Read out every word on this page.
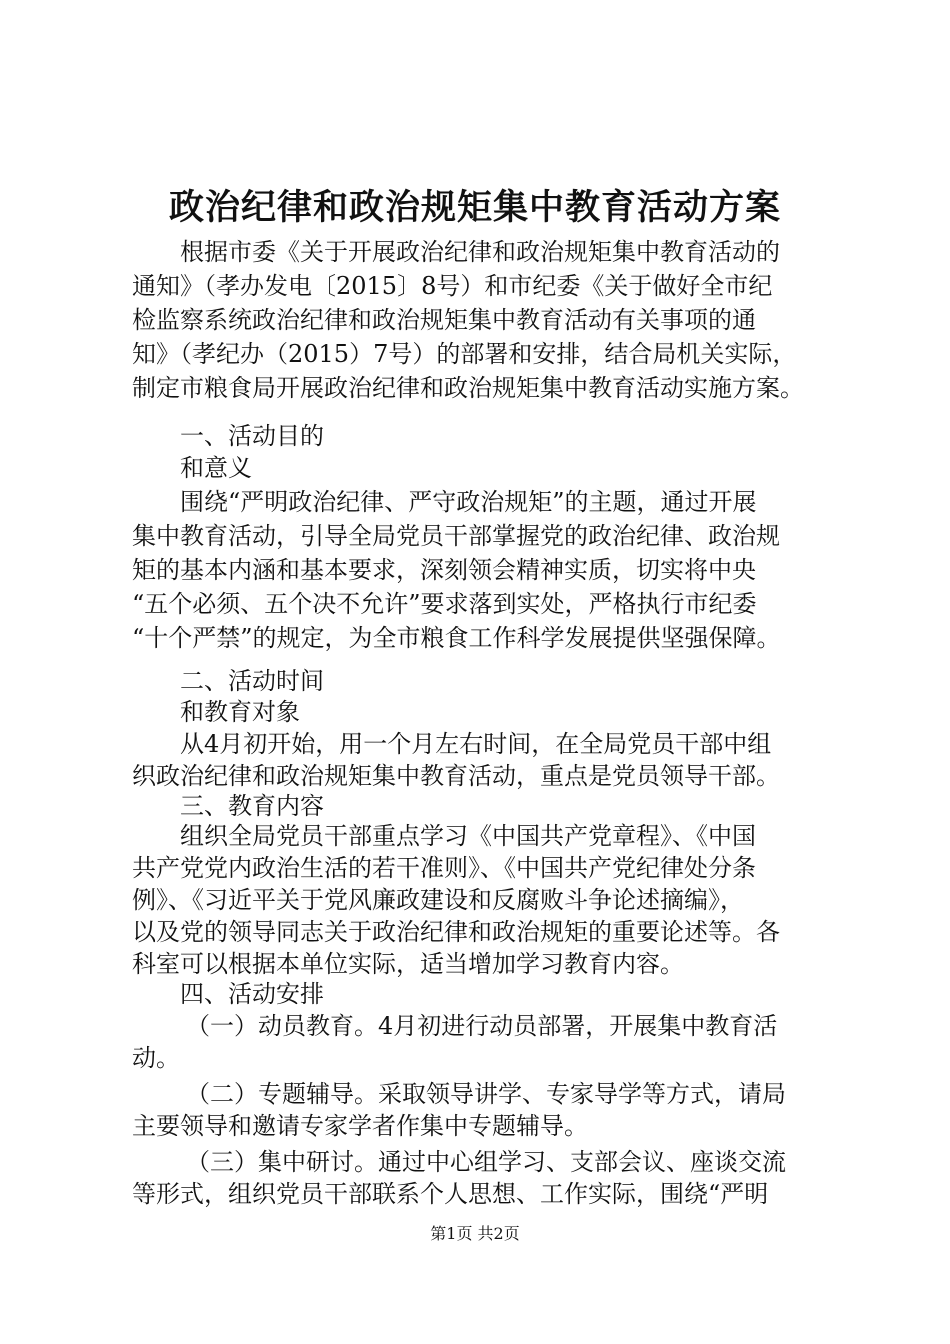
政治纪律和政治规矩集中教育活动方案
根据市委《关于开展政治纪律和政治规矩集中教育活动的
通知》（孝办发电〔2015〕8号）和市纪委《关于做好全市纪
检监察系统政治纪律和政治规矩集中教育活动有关事项的通
知》（孝纪办（2015）7号）的部署和安排，结合局机关实际，
制定市粮食局开展政治纪律和政治规矩集中教育活动实施方案。
一、活动目的
和意义
围绕“严明政治纪律、严守政治规矩”的主题，通过开展
集中教育活动，引导全局党员干部掌握党的政治纪律、政治规
矩的基本内涵和基本要求，深刻领会精神实质，切实将中央
“五个必须、五个决不允许”要求落到实处，严格执行市纪委
“十个严禁”的规定，为全市粮食工作科学发展提供坚强保障。
二、活动时间
和教育对象
从4月初开始，用一个月左右时间，在全局党员干部中组
织政治纪律和政治规矩集中教育活动，重点是党员领导干部。
三、教育内容
组织全局党员干部重点学习《中国共产党章程》、《中国
共产党党内政治生活的若干准则》、《中国共产党纪律处分条
例》、《习近平关于党风廉政建设和反腐败斗争论述摘编》，
以及党的领导同志关于政治纪律和政治规矩的重要论述等。各
科室可以根据本单位实际，适当增加学习教育内容。
四、活动安排
（一）动员教育。4月初进行动员部署，开展集中教育活
动。
（二）专题辅导。采取领导讲学、专家导学等方式，请局
主要领导和邀请专家学者作集中专题辅导。
（三）集中研讨。通过中心组学习、支部会议、座谈交流
等形式，组织党员干部联系个人思想、工作实际，围绕“严明
第1页 共2页
